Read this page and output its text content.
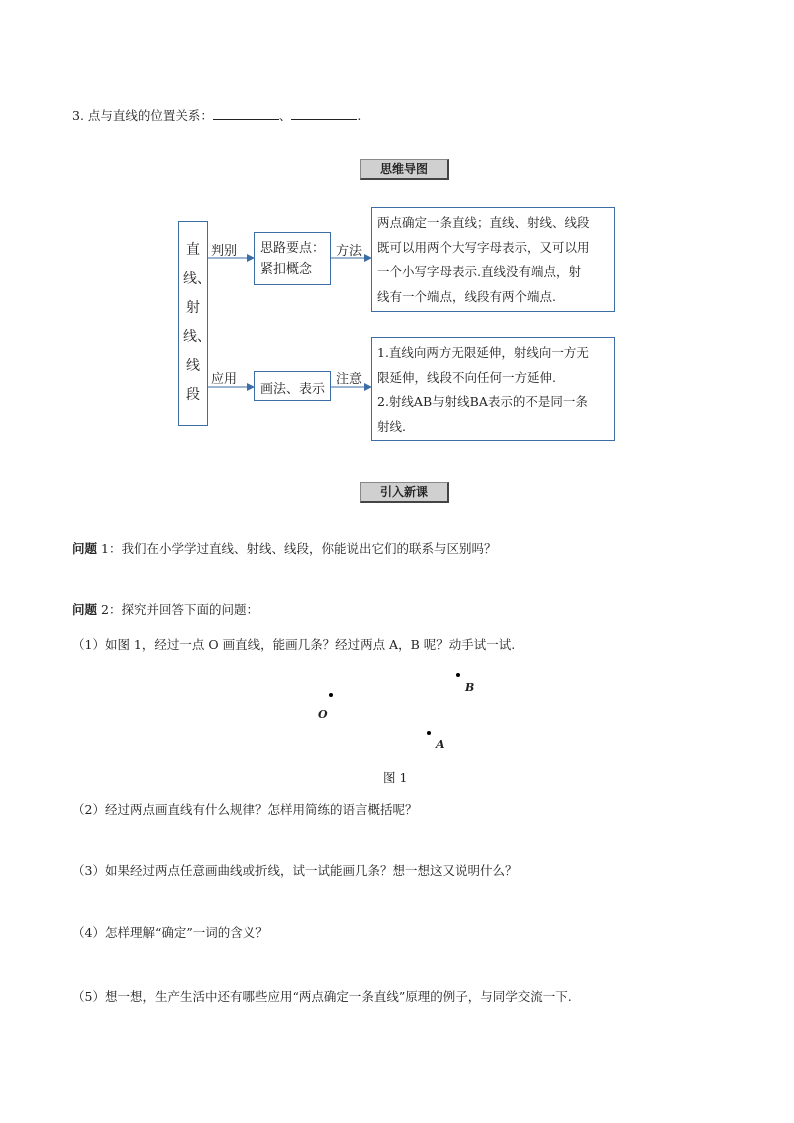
3. 点与直线的位置关系：	、	.
思维导图
直
线、
射
线、
线
段
判别 思路要点：
紧扣概念
方法
两点确定一条直线；直线、射线、线段
既可以用两个大写字母表示，又可以用
一个小写字母表示.直线没有端点，射
线有一个端点，线段有两个端点.
应用
画法、表示
注意
1.直线向两方无限延伸，射线向一方无
限延伸，线段不向任何一方延伸.
2.射线AB与射线BA表示的不是同一条
射线.
引入新课
问题 1：我们在小学学过直线、射线、线段，你能说出它们的联系与区别吗？
问题 2：探究并回答下面的问题：
（1）如图 1，经过一点 O 画直线，能画几条？经过两点 A，B 呢？动手试一试.
O
B
A
图 1
（2）经过两点画直线有什么规律？怎样用简练的语言概括呢？
（3）如果经过两点任意画曲线或折线，试一试能画几条？想一想这又说明什么？
（4）怎样理解“确定”一词的含义？
（5）想一想，生产生活中还有哪些应用“两点确定一条直线”原理的例子，与同学交流一下.
